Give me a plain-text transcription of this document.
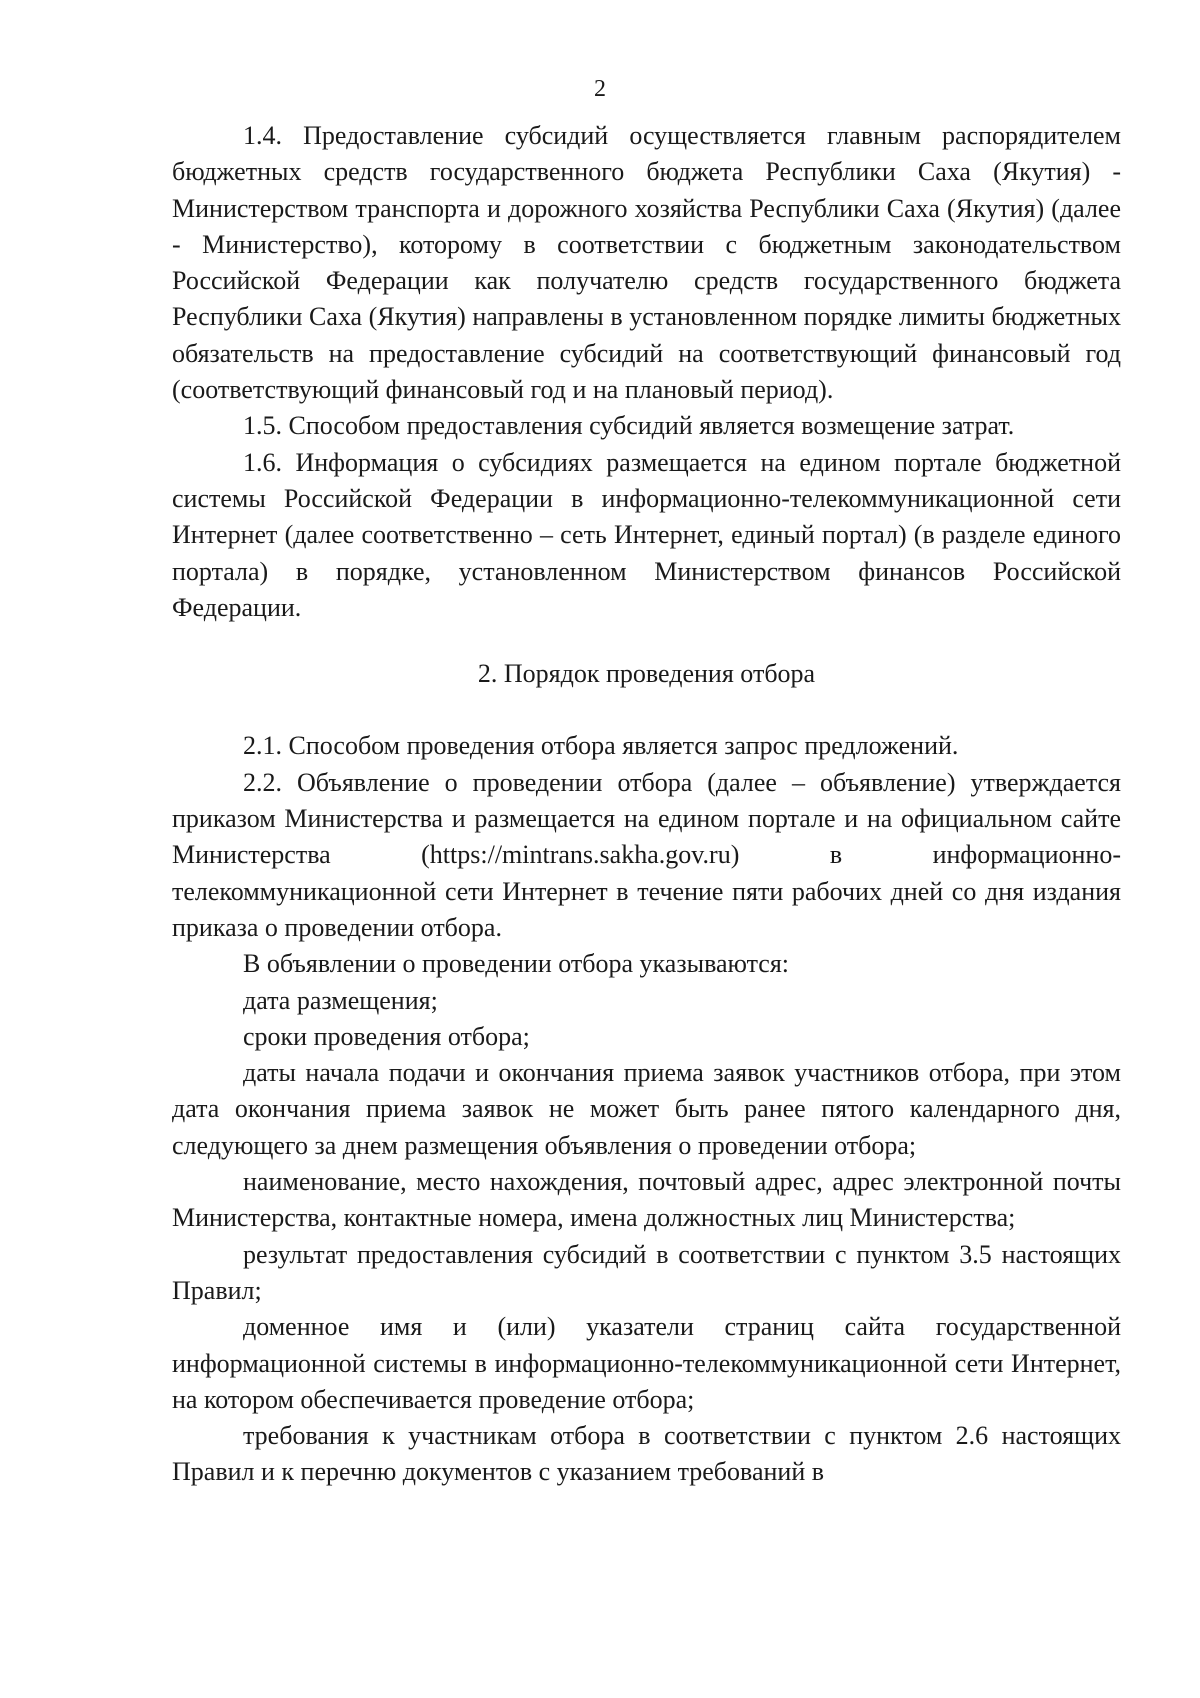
2

1.4. Предоставление субсидий осуществляется главным распорядителем бюджетных средств государственного бюджета Республики Саха (Якутия) - Министерством транспорта и дорожного хозяйства Республики Саха (Якутия) (далее - Министерство), которому в соответствии с бюджетным законодательством Российской Федерации как получателю средств государственного бюджета Республики Саха (Якутия) направлены в установленном порядке лимиты бюджетных обязательств на предоставление субсидий на соответствующий финансовый год (соответствующий финансовый год и на плановый период).

1.5. Способом предоставления субсидий является возмещение затрат.

1.6. Информация о субсидиях размещается на едином портале бюджетной системы Российской Федерации в информационно-телекоммуникационной сети Интернет (далее соответственно – сеть Интернет, единый портал) (в разделе единого портала) в порядке, установленном Министерством финансов Российской Федерации.

2. Порядок проведения отбора

2.1. Способом проведения отбора является запрос предложений.

2.2. Объявление о проведении отбора (далее – объявление) утверждается приказом Министерства и размещается на едином портале и на официальном сайте Министерства (https://mintrans.sakha.gov.ru) в информационно-телекоммуникационной сети Интернет в течение пяти рабочих дней со дня издания приказа о проведении отбора.

В объявлении о проведении отбора указываются:

дата размещения;

сроки проведения отбора;

даты начала подачи и окончания приема заявок участников отбора, при этом дата окончания приема заявок не может быть ранее пятого календарного дня, следующего за днем размещения объявления о проведении отбора;

наименование, место нахождения, почтовый адрес, адрес электронной почты Министерства, контактные номера, имена должностных лиц Министерства;

результат предоставления субсидий в соответствии с пунктом 3.5 настоящих Правил;

доменное имя и (или) указатели страниц сайта государственной информационной системы в информационно-телекоммуникационной сети Интернет, на котором обеспечивается проведение отбора;

требования к участникам отбора в соответствии с пунктом 2.6 настоящих Правил и к перечню документов с указанием требований в
